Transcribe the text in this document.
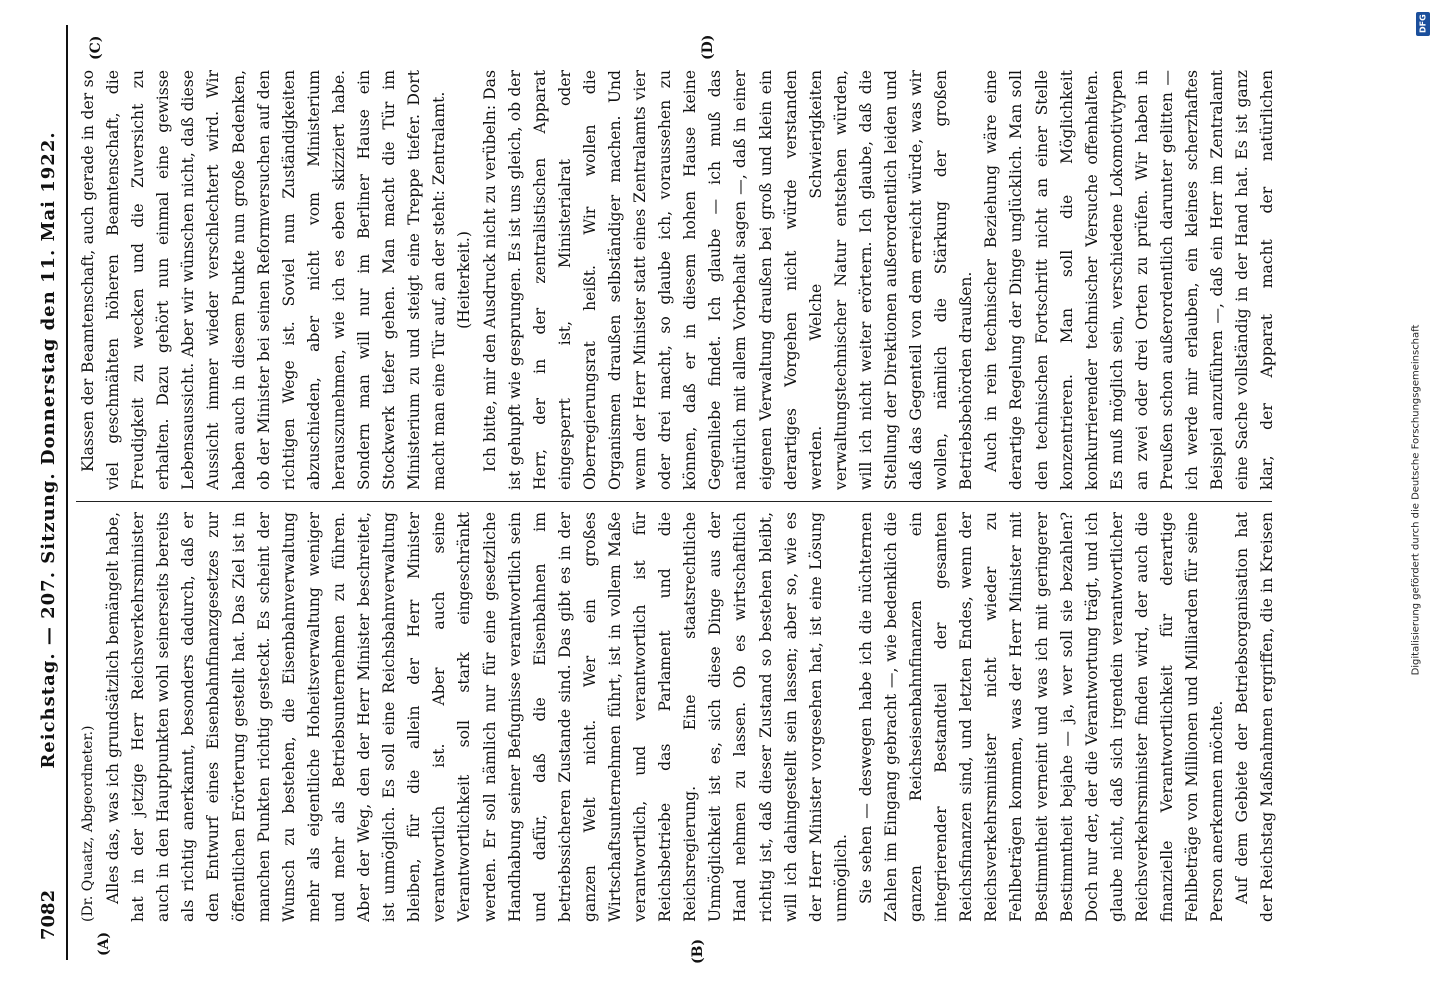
7082
Reichstag. — 207. Sitzung. Donnerstag den 11. Mai 1922.
(A)	(B)
(C)	(D)

(Dr. Quaatz, Abgeordneter.) Alles das, was ich grundsätzlich bemängelt habe, hat in der jetzige Herr Reichsverkehrsminister auch in den Hauptpunkten wohl seinerseits bereits als richtig anerkannt, besonders dadurch, daß er den Entwurf eines Eisenbahnfinanzgesetzes zur öffentlichen Erörterung gestellt hat. Das Ziel ist in manchen Punkten richtig gesteckt. Es scheint der Wunsch zu bestehen, die Eisenbahnverwaltung mehr als eigentliche Hoheitsverwaltung weniger und mehr als Betriebsunternehmen zu führen. Aber der Weg, den der Herr Minister beschreitet, ist unmöglich. Es soll eine Reichsbahnverwaltung bleiben, für die allein der Herr Minister verantwortlich ist. Aber auch seine Verantwortlichkeit soll stark eingeschränkt werden. Er soll nämlich nur für eine gesetzliche Handhabung seiner Befugnisse verantwortlich sein und dafür, daß die Eisenbahnen im betriebssicheren Zustande sind. Das gibt es in der ganzen Welt nicht. Wer ein großes Wirtschaftsunternehmen führt, ist in vollem Maße verantwortlich, und verantwortlich ist für Reichsbetriebe das Parlament und die Reichsregierung. Eine staatsrechtliche Unmöglichkeit ist es, sich diese Dinge aus der Hand nehmen zu lassen. Ob es wirtschaftlich richtig ist, daß dieser Zustand so bestehen bleibt, will ich dahingestellt sein lassen; aber so, wie es der Herr Minister vorgesehen hat, ist eine Lösung unmöglich. Sie sehen — deswegen habe ich die nüchternen Zahlen im Eingang gebracht —, wie bedenklich die ganzen Reichseisenbahnfinanzen ein integrierender Bestandteil der gesamten Reichsfinanzen sind, und letzten Endes, wenn der Reichsverkehrsminister nicht wieder zu Fehlbeträgen kommen, was der Herr Minister mit Bestimmtheit verneint und was ich mit geringerer Bestimmtheit bejahe — ja, wer soll sie bezahlen? Doch nur der, der die Verantwortung trägt, und ich glaube nicht, daß sich irgendein verantwortlicher Reichsverkehrsminister finden wird, der auch die finanzielle Verantwortlichkeit für derartige Fehlbeträge von Millionen und Milliarden für seine Person anerkennen möchte. Auf dem Gebiete der Betriebsorganisation hat der Reichstag Maßnahmen ergriffen, die in Kreisen

Klassen der Beamtenschaft, auch gerade in der so viel geschmähten höheren Beamtenschaft, die Freudigkeit zu wecken und die Zuversicht zu erhalten. Dazu gehört nun einmal eine gewisse Lebensaussicht. Aber wir wünschen nicht, daß diese Aussicht immer wieder verschlechtert wird. Wir haben auch in diesem Punkte nun große Bedenken, ob der Minister bei seinen Reformversuchen auf den richtigen Wege ist. Soviel nun Zuständigkeiten abzuschieden, aber nicht vom Ministerium herauszunehmen, wie ich es eben skizziert habe. Sondern man will nur im Berliner Hause ein Stockwerk tiefer gehen. Man macht die Tür im Ministerium zu und steigt eine Treppe tiefer. Dort macht man eine Tür auf, an der steht: Zentralamt. (Heiterkeit.) Ich bitte, mir den Ausdruck nicht zu verübeln: Das ist gehupft wie gesprungen. Es ist uns gleich, ob der Herr, der in der zentralistischen Apparat eingesperrt ist, Ministerialrat oder Oberregierungsrat heißt. Wir wollen die Organismen draußen selbständiger machen. Und wenn der Herr Minister statt eines Zentralamts vier oder drei macht, so glaube ich, voraussehen zu können, daß er in diesem hohen Hause keine Gegenliebe findet. Ich glaube — ich muß das natürlich mit allem Vorbehalt sagen —, daß in einer eigenen Verwaltung draußen bei groß und klein ein derartiges Vorgehen nicht würde verstanden werden. Welche Schwierigkeiten verwaltungstechnischer Natur entstehen würden, will ich nicht weiter erörtern. Ich glaube, daß die Stellung der Direktionen außerordentlich leiden und daß das Gegenteil von dem erreicht würde, was wir wollen, nämlich die Stärkung der großen Betriebsbehörden draußen. Auch in rein technischer Beziehung wäre eine derartige Regelung der Dinge unglücklich. Man soll den technischen Fortschritt nicht an einer Stelle konzentrieren. Man soll die Möglichkeit konkurrierender technischer Versuche offenhalten. Es muß möglich sein, verschiedene Lokomotivtypen an zwei oder drei Orten zu prüfen. Wir haben in Preußen schon außerordentlich darunter gelitten — ich werde mir erlauben, ein kleines scherzhaftes Beispiel anzuführen —, daß ein Herr im Zentralamt eine Sache vollständig in der Hand hat. Es ist ganz klar, der Apparat macht der natürlichen

DFG
Digitalisierung gefördert durch die Deutsche Forschungsgemeinschaft
